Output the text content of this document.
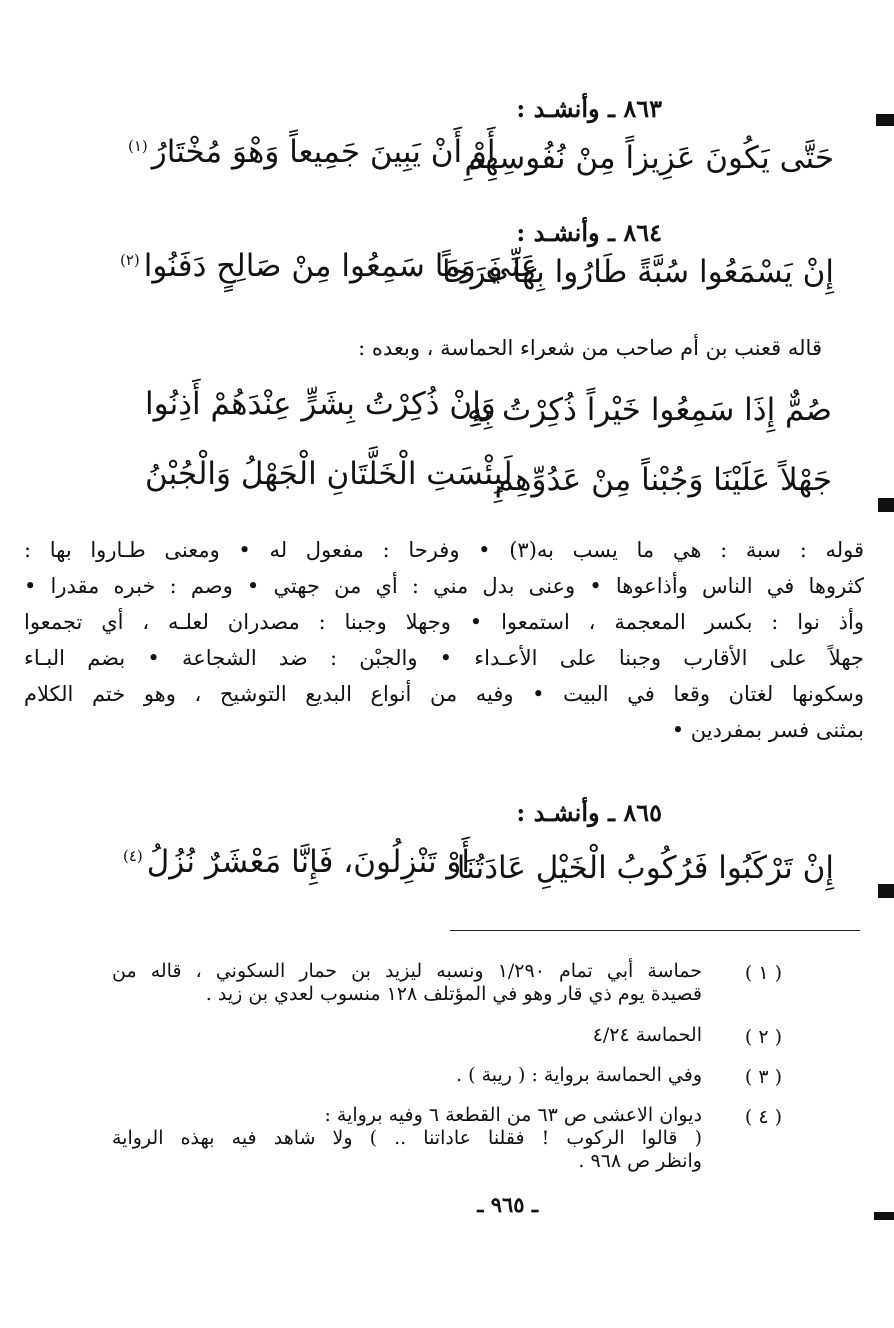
٨٦٣ ـ وأنشـد :
حَتَّى يَكُونَ عَزِيزاً مِنْ نُفُوسِهِمِ
أَوْ أَنْ يَبِينَ جَمِيعاً وَهْوَ مُخْتَارُ$^{(١)}$
٨٦٤ ـ وأنشـد :
إِنْ يَسْمَعُوا سُبَّةً طَارُوا بِهَا فَرَحاً
عَنِّي وَمَا سَمِعُوا مِنْ صَالِحٍ دَفَنُوا$^{(٢)}$
قاله قعنب بن أم صاحب من شعراء الحماسة ، وبعده :
صُمٌّ إِذَا سَمِعُوا خَيْراً ذُكِرْتُ بِهِ
وَإِنْ ذُكِرْتُ بِشَرٍّ عِنْدَهُمْ أَذِنُوا
جَهْلاً عَلَيْنَا وَجُبْناً مِنْ عَدُوِّهِمِ
لَبِئْسَتِ الْخَلَّتَانِ الْجَهْلُ وَالْجُبْنُ
قوله : سبة : هي ما يسب به(٣) • وفرحا : مفعول له • ومعنى طـاروا بها :
كثروها في الناس وأذاعوها • وعنى بدل مني : أي من جهتي • وصم : خبره مقدرا •
وأذ نوا : بكسر المعجمة ، استمعوا • وجهلا وجبنا : مصدران لعلـه ، أي تجمعوا
جهلاً على الأقارب وجبنا على الأعـداء • والجبْن : ضد الشجاعة • بضم البـاء
وسكونها لغتان وقعا في البيت • وفيه من أنواع البديع التوشيح ، وهو ختم الكلام
بمثنى فسر بمفردين •
٨٦٥ ـ وأنشـد :
إِنْ تَرْكَبُوا فَرُكُوبُ الْخَيْلِ عَادَتُنَا
أَوْ تَنْزِلُونَ، فَإِنَّا مَعْشَرٌ نُزُلُ$^{(٤)}$
( ١ )
حماسة أبي تمام ١/٢٩٠ ونسبه ليزيد بن حمار السكوني ، قاله من
قصيدة يوم ذي قار وهو في المؤتلف ١٢٨ منسوب لعدي بن زيد .
( ٢ )
الحماسة ٤/٢٤
( ٣ )
وفي الحماسة برواية : ( ريبة ) .
( ٤ )
ديوان الاعشى ص ٦٣ من القطعة ٦ وفيه برواية :
( قالوا الركوب ! فقلنا عاداتنا .. ) ولا شاهد فيه بهذه الرواية
وانظر ص ٩٦٨ .
ـ ٩٦٥ ـ
